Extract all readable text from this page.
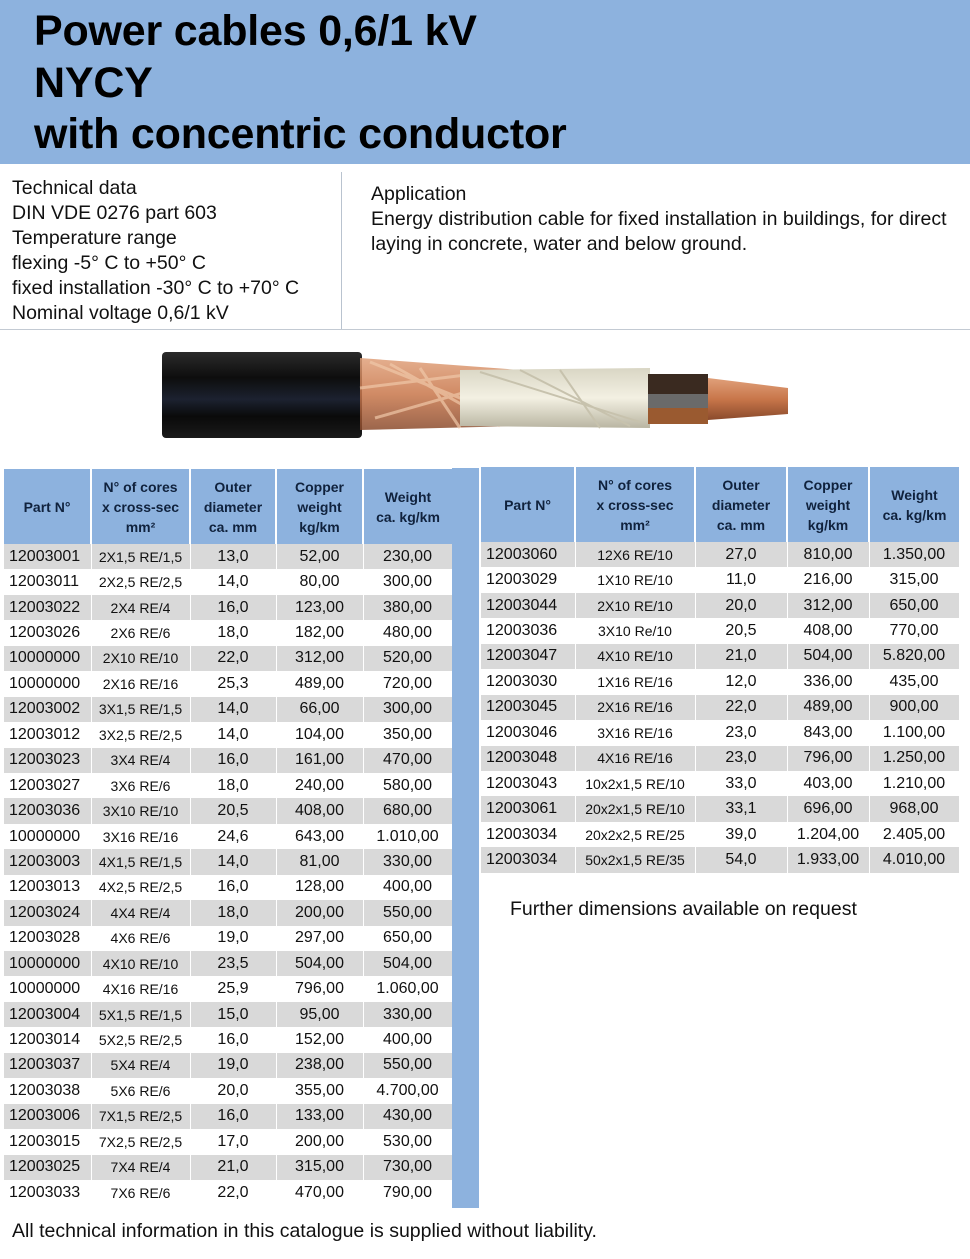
Power cables 0,6/1 kV
NYCY
with concentric conductor
Technical data
DIN VDE 0276 part 603
Temperature range
flexing -5° C to +50° C
fixed installation -30° C to +70° C
Nominal voltage 0,6/1 kV
Application
Energy distribution cable for fixed installation in buildings, for direct laying in concrete, water and below ground.
Part N°	N° of cores
x cross-sec
mm²	Outer
diameter
ca. mm	Copper
weight
kg/km	Weight
ca. kg/km
12003001	2X1,5 RE/1,5	13,0	52,00	230,00
12003011	2X2,5 RE/2,5	14,0	80,00	300,00
12003022	2X4 RE/4	16,0	123,00	380,00
12003026	2X6 RE/6	18,0	182,00	480,00
10000000	2X10 RE/10	22,0	312,00	520,00
10000000	2X16 RE/16	25,3	489,00	720,00
12003002	3X1,5 RE/1,5	14,0	66,00	300,00
12003012	3X2,5 RE/2,5	14,0	104,00	350,00
12003023	3X4 RE/4	16,0	161,00	470,00
12003027	3X6 RE/6	18,0	240,00	580,00
12003036	3X10 RE/10	20,5	408,00	680,00
10000000	3X16 RE/16	24,6	643,00	1.010,00
12003003	4X1,5 RE/1,5	14,0	81,00	330,00
12003013	4X2,5 RE/2,5	16,0	128,00	400,00
12003024	4X4 RE/4	18,0	200,00	550,00
12003028	4X6 RE/6	19,0	297,00	650,00
10000000	4X10 RE/10	23,5	504,00	504,00
10000000	4X16 RE/16	25,9	796,00	1.060,00
12003004	5X1,5 RE/1,5	15,0	95,00	330,00
12003014	5X2,5 RE/2,5	16,0	152,00	400,00
12003037	5X4 RE/4	19,0	238,00	550,00
12003038	5X6 RE/6	20,0	355,00	4.700,00
12003006	7X1,5 RE/2,5	16,0	133,00	430,00
12003015	7X2,5 RE/2,5	17,0	200,00	530,00
12003025	7X4 RE/4	21,0	315,00	730,00
12003033	7X6 RE/6	22,0	470,00	790,00
Part N°	N° of cores
x cross-sec
mm²	Outer
diameter
ca. mm	Copper
weight
kg/km	Weight
ca. kg/km
12003060	12X6 RE/10	27,0	810,00	1.350,00
12003029	1X10 RE/10	11,0	216,00	315,00
12003044	2X10 RE/10	20,0	312,00	650,00
12003036	3X10 Re/10	20,5	408,00	770,00
12003047	4X10 RE/10	21,0	504,00	5.820,00
12003030	1X16 RE/16	12,0	336,00	435,00
12003045	2X16 RE/16	22,0	489,00	900,00
12003046	3X16 RE/16	23,0	843,00	1.100,00
12003048	4X16 RE/16	23,0	796,00	1.250,00
12003043	10x2x1,5 RE/10	33,0	403,00	1.210,00
12003061	20x2x1,5 RE/10	33,1	696,00	968,00
12003034	20x2x2,5 RE/25	39,0	1.204,00	2.405,00
12003034	50x2x1,5 RE/35	54,0	1.933,00	4.010,00
Further dimensions available on request
All technical information in this catalogue is supplied without liability.
